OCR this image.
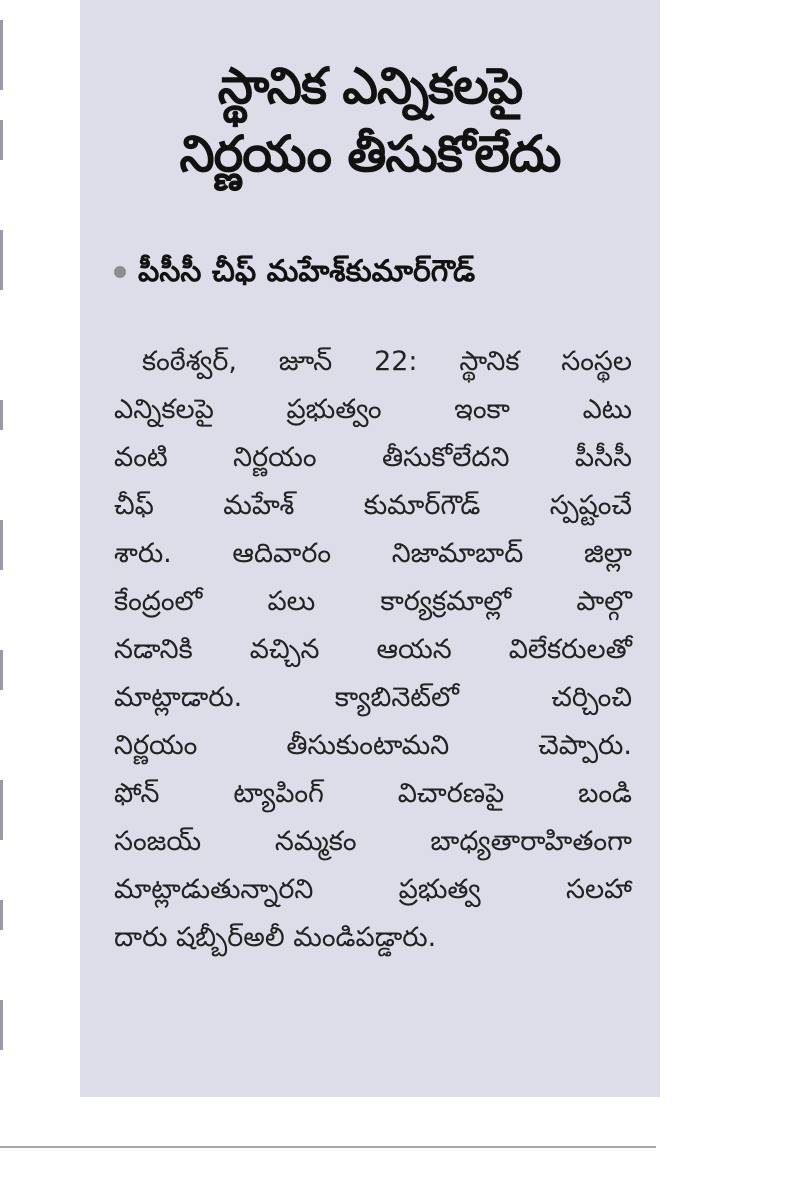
స్థానిక ఎన్నికలపై
నిర్ణయం తీసుకోలేదు
పీసీసీ చీఫ్ మహేశ్‌కుమార్‌గౌడ్
కంఠేశ్వర్, జూన్ 22: స్థానిక సంస్థల
ఎన్నికలపై ప్రభుత్వం ఇంకా ఎటు
వంటి నిర్ణయం తీసుకోలేదని పీసీసీ
చీఫ్ మహేశ్ కుమార్‌గౌడ్ స్పష్టంచే
శారు. ఆదివారం నిజామాబాద్ జిల్లా
కేంద్రంలో పలు కార్యక్రమాల్లో పాల్గొ
నడానికి వచ్చిన ఆయన విలేకరులతో
మాట్లాడారు. క్యాబినెట్‌లో చర్చించి
నిర్ణయం తీసుకుంటామని చెప్పారు.
ఫోన్ ట్యాపింగ్ విచారణపై బండి
సంజయ్ నమ్మకం బాధ్యతారాహితంగా
మాట్లాడుతున్నారని ప్రభుత్వ సలహా
దారు షబ్బీర్‌అలీ మండిపడ్డారు.
